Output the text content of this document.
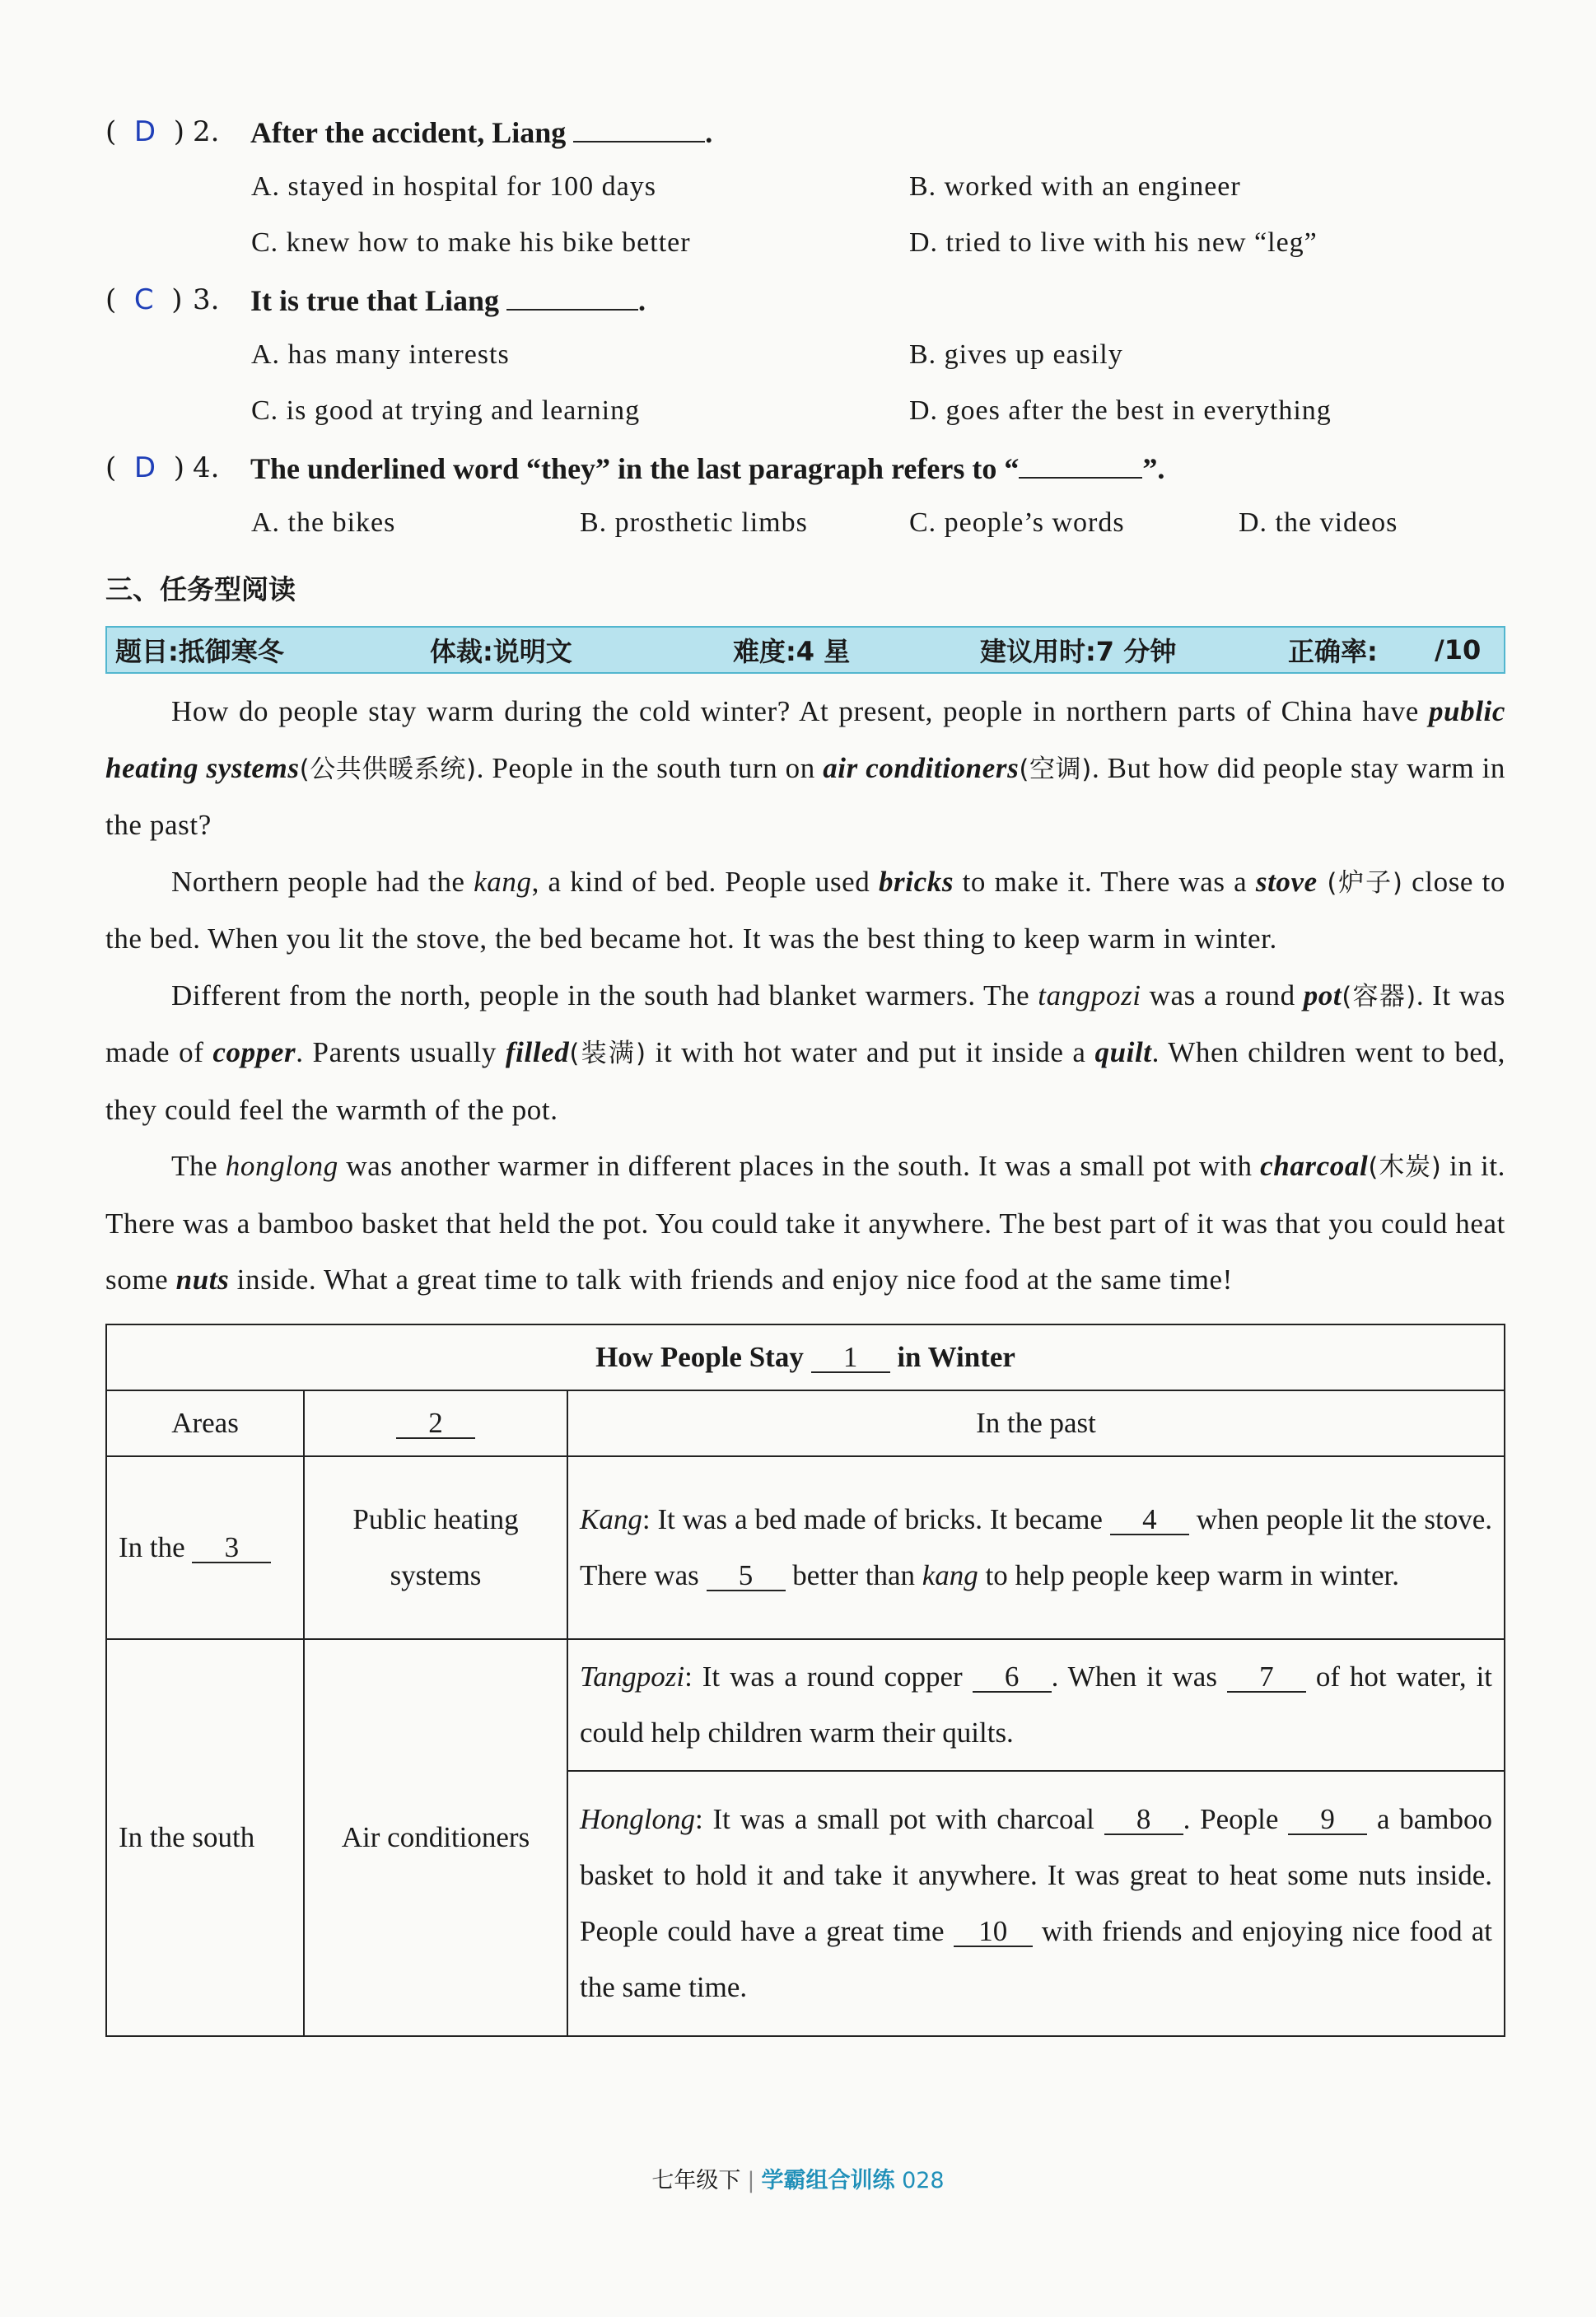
( D ) 2. After the accident, Liang	.
A. stayed in hospital for 100 days	B. worked with an engineer
C. knew how to make his bike better	D. tried to live with his new “leg”
( C ) 3. It is true that Liang	.
A. has many interests	B. gives up easily
C. is good at trying and learning	D. goes after the best in everything
( D ) 4. The underlined word “they” in the last paragraph refers to “	”.
A. the bikes	B. prosthetic limbs	C. people’s words	D. the videos
三、任务型阅读
题目:抵御寒冬	体裁:说明文	难度:4 星	建议用时:7 分钟	正确率: /10

How do people stay warm during the cold winter? At present, people in northern parts of China have public heating systems(公共供暖系统). People in the south turn on air conditioners(空调). But how did people stay warm in the past?

Northern people had the kang, a kind of bed. People used bricks to make it. There was a stove (炉子) close to the bed. When you lit the stove, the bed became hot. It was the best thing to keep warm in winter.

Different from the north, people in the south had blanket warmers. The tangpozi was a round pot(容器). It was made of copper. Parents usually filled(装满) it with hot water and put it inside a quilt. When children went to bed, they could feel the warmth of the pot.

The honglong was another warmer in different places in the south. It was a small pot with charcoal(木炭) in it. There was a bamboo basket that held the pot. You could take it anywhere. The best part of it was that you could heat some nuts inside. What a great time to talk with friends and enjoy nice food at the same time!

How People Stay 1 in Winter		
Areas	2	In the past
In the 3	Public heating systems	Kang: It was a bed made of bricks. It became 4 when people lit the stove. There was 5 better than kang to help people keep warm in winter.
In the south	Air conditioners	Tangpozi: It was a round copper 6 . When it was 7 of hot water, it could help children warm their quilts.
		Honglong: It was a small pot with charcoal 8 . People 9 a bamboo basket to hold it and take it anywhere. It was great to heat some nuts inside. People could have a great time 10 with friends and enjoying nice food at the same time.
七年级下 | 学霸组合训练 028
